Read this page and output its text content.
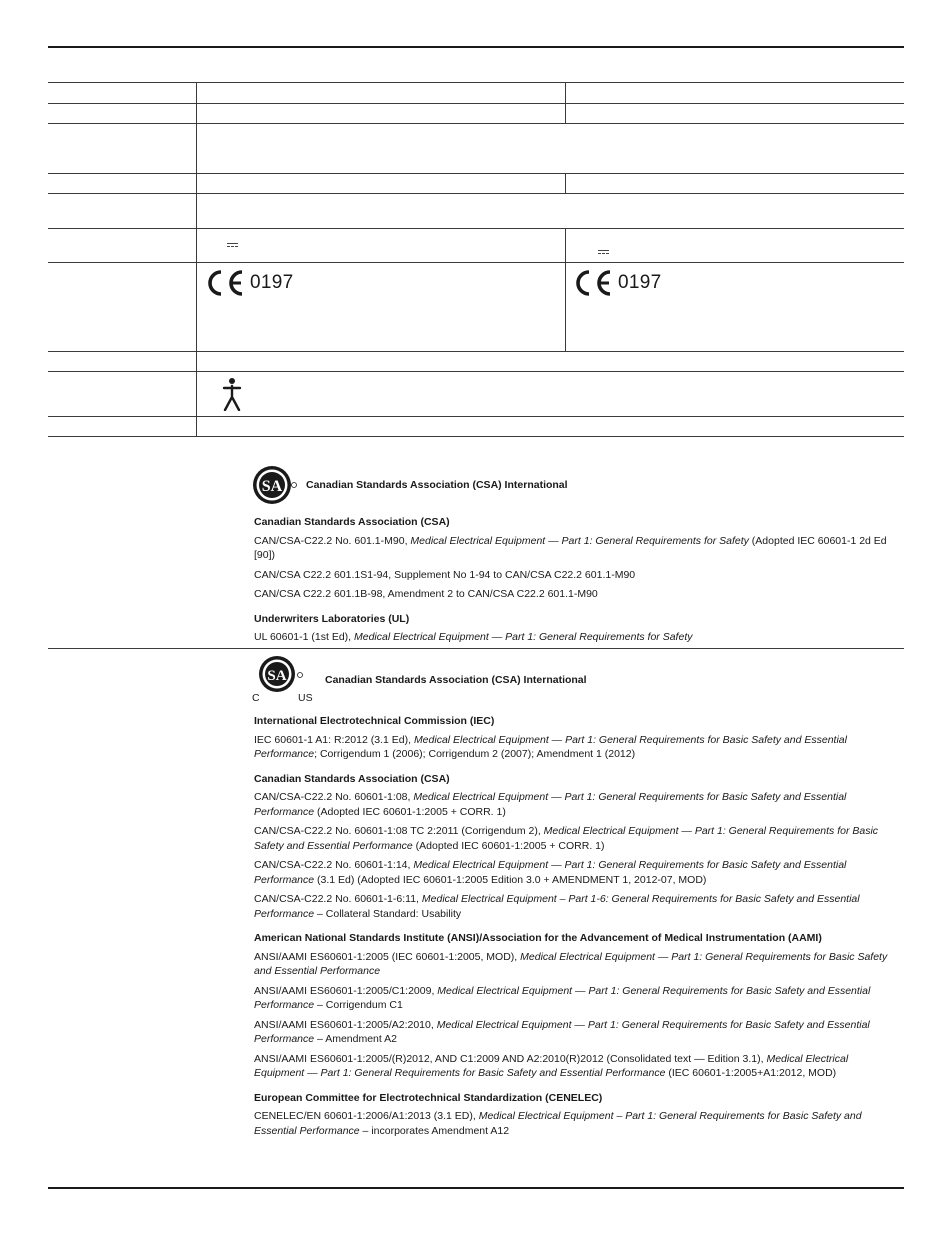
0197	0197
SA Canadian Standards Association (CSA) International
Canadian Standards Association (CSA)
CAN/CSA-C22.2 No. 601.1-M90, Medical Electrical Equipment — Part 1: General Requirements for Safety (Adopted IEC 60601-1 2d Ed [90])
CAN/CSA C22.2 601.1S1-94, Supplement No 1-94 to CAN/CSA C22.2 601.1-M90
CAN/CSA C22.2 601.1B-98, Amendment 2 to CAN/CSA C22.2 601.1-M90
Underwriters Laboratories (UL)
UL 60601-1 (1st Ed), Medical Electrical Equipment — Part 1: General Requirements for Safety
SA
C	US
Canadian Standards Association (CSA) International
International Electrotechnical Commission (IEC)
IEC 60601-1 A1: R:2012 (3.1 Ed), Medical Electrical Equipment — Part 1: General Requirements for Basic Safety and Essential Performance; Corrigendum 1 (2006); Corrigendum 2 (2007); Amendment 1 (2012)
Canadian Standards Association (CSA)
CAN/CSA-C22.2 No. 60601-1:08, Medical Electrical Equipment — Part 1: General Requirements for Basic Safety and Essential Performance (Adopted IEC 60601-1:2005 + CORR. 1)
CAN/CSA-C22.2 No. 60601-1:08 TC 2:2011 (Corrigendum 2), Medical Electrical Equipment — Part 1: General Requirements for Basic Safety and Essential Performance (Adopted IEC 60601-1:2005 + CORR. 1)
CAN/CSA-C22.2 No. 60601-1:14, Medical Electrical Equipment — Part 1: General Requirements for Basic Safety and Essential Performance (3.1 Ed) (Adopted IEC 60601-1:2005 Edition 3.0 + AMENDMENT 1, 2012-07, MOD)
CAN/CSA-C22.2 No. 60601-1-6:11, Medical Electrical Equipment – Part 1-6: General Requirements for Basic Safety and Essential Performance – Collateral Standard: Usability
American National Standards Institute (ANSI)/Association for the Advancement of Medical Instrumentation (AAMI)
ANSI/AAMI ES60601-1:2005 (IEC 60601-1:2005, MOD), Medical Electrical Equipment — Part 1: General Requirements for Basic Safety and Essential Performance
ANSI/AAMI ES60601-1:2005/C1:2009, Medical Electrical Equipment — Part 1: General Requirements for Basic Safety and Essential Performance – Corrigendum C1
ANSI/AAMI ES60601-1:2005/A2:2010, Medical Electrical Equipment — Part 1: General Requirements for Basic Safety and Essential Performance – Amendment A2
ANSI/AAMI ES60601-1:2005/(R)2012, AND C1:2009 AND A2:2010(R)2012 (Consolidated text — Edition 3.1), Medical Electrical Equipment — Part 1: General Requirements for Basic Safety and Essential Performance (IEC 60601-1:2005+A1:2012, MOD)
European Committee for Electrotechnical Standardization (CENELEC)
CENELEC/EN 60601-1:2006/A1:2013 (3.1 ED), Medical Electrical Equipment – Part 1: General Requirements for Basic Safety and Essential Performance – incorporates Amendment A12
